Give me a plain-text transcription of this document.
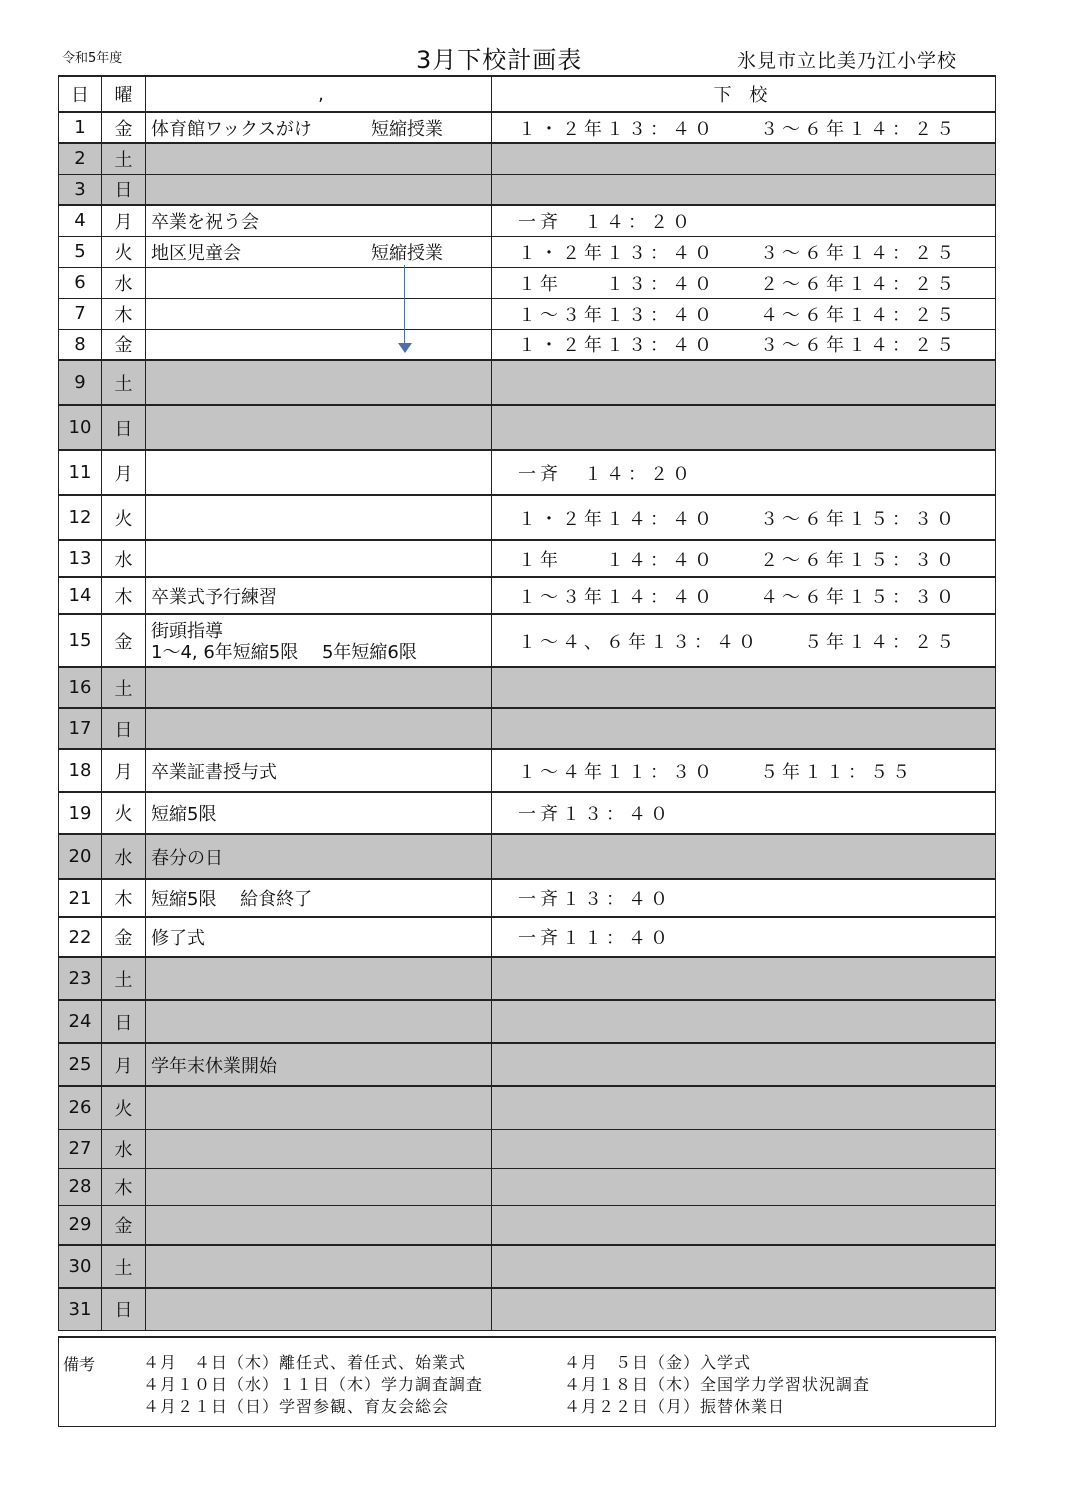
令和5年度	3月下校計画表	氷見市立比美乃江小学校
日	曜	,	下 校
1	金	体育館ワックスがけ 短縮授業	１・２年１３：４０　　３～６年１４：２５
2	土	

3	日	

4	月	卒業を祝う会	一斉　１４：２０
5	火	地区児童会 短縮授業	１・２年１３：４０　　３～６年１４：２５
6	水		１年　　１３：４０　　２～６年１４：２５
7	木		１～３年１３：４０　　４～６年１４：２５
8	金		１・２年１３：４０　　３～６年１４：２５
9	土	

10	日	

11	月		一斉　１４：２０
12	火		１・２年１４：４０　　３～６年１５：３０
13	水		１年　　１４：４０　　２～６年１５：３０
14	木	卒業式予行練習	１～３年１４：４０　　４～６年１５：３０
15	金	街頭指導
1～4, 6年短縮5限　 5年短縮6限	１～４、６年１３：４０　　５年１４：２５
16	土	

17	日	

18	月	卒業証書授与式	１～４年１１：３０　　５年１１：５５
19	火	短縮5限	一斉１３：４０
20	水	春分の日	

21	木	短縮5限　 給食終了	一斉１３：４０
22	金	修了式	一斉１１：４０
23	土	

24	日	

25	月	学年末休業開始	

26	火	

27	水	

28	木	

29	金	

30	土	

31	日	

備考	４月　４日（木）離任式、着任式、始業式
４月１０日（水）１１日（木）学力調査調査
４月２１日（日）学習参観、育友会総会
４月　５日（金）入学式
４月１８日（木）全国学力学習状況調査
４月２２日（月）振替休業日
